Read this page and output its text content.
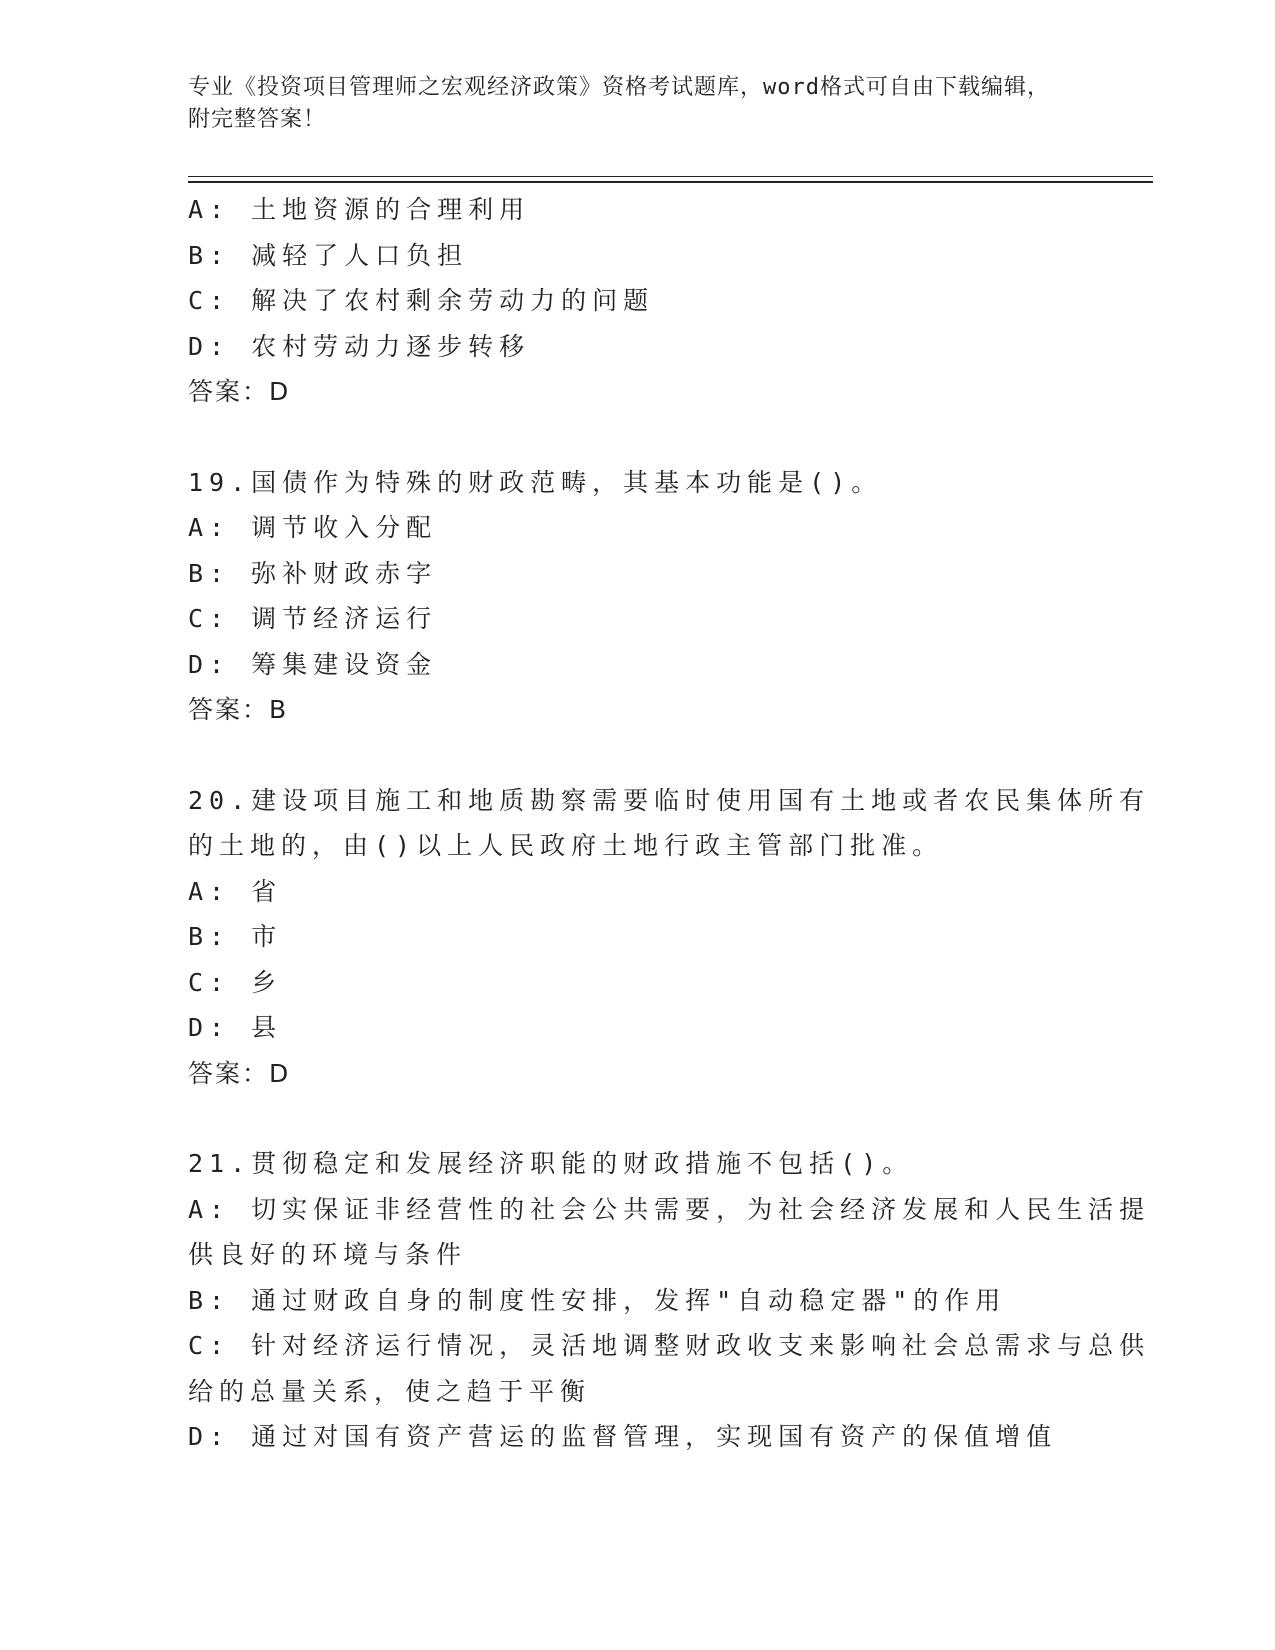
专业《投资项目管理师之宏观经济政策》资格考试题库，word格式可自由下载编辑，附完整答案！
A: 土地资源的合理利用
B: 减轻了人口负担
C: 解决了农村剩余劳动力的问题
D: 农村劳动力逐步转移
答案：D
19.国债作为特殊的财政范畴，其基本功能是()。
A: 调节收入分配
B: 弥补财政赤字
C: 调节经济运行
D: 筹集建设资金
答案：B
20.建设项目施工和地质勘察需要临时使用国有土地或者农民集体所有
的土地的，由()以上人民政府土地行政主管部门批准。
A: 省
B: 市
C: 乡
D: 县
答案：D
21.贯彻稳定和发展经济职能的财政措施不包括()。
A: 切实保证非经营性的社会公共需要，为社会经济发展和人民生活提
供良好的环境与条件
B: 通过财政自身的制度性安排，发挥"自动稳定器"的作用
C: 针对经济运行情况，灵活地调整财政收支来影响社会总需求与总供
给的总量关系，使之趋于平衡
D: 通过对国有资产营运的监督管理，实现国有资产的保值增值
